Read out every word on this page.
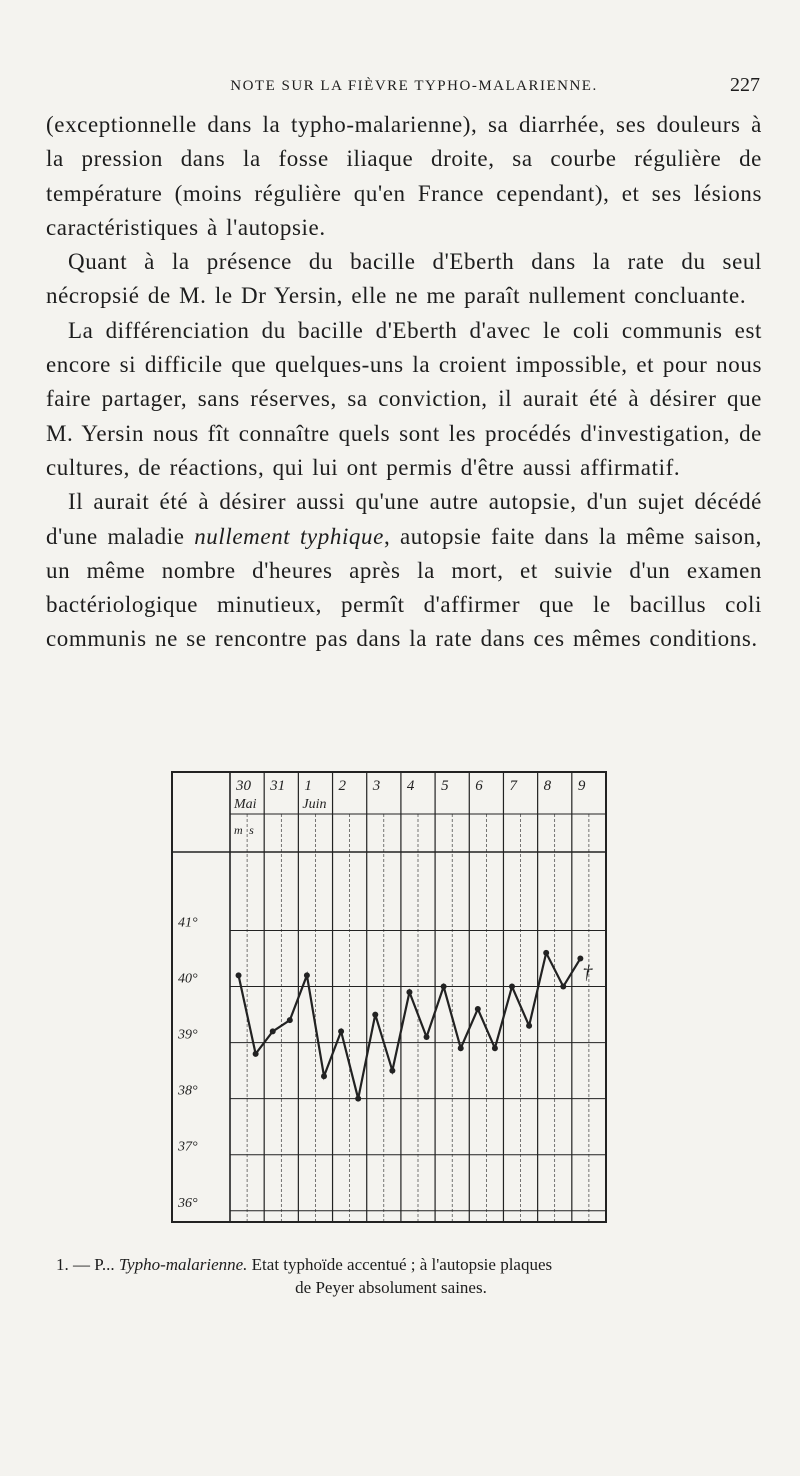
NOTE SUR LA FIÈVRE TYPHO-MALARIENNE.	227

(exceptionnelle dans la typho-malarienne), sa diarrhée, ses douleurs à la pression dans la fosse iliaque droite, sa courbe régulière de température (moins régulière qu'en France cependant), et ses lésions caractéristiques à l'autopsie.

Quant à la présence du bacille d'Eberth dans la rate du seul nécropsié de M. le Dr Yersin, elle ne me paraît nullement concluante.

La différenciation du bacille d'Eberth d'avec le coli communis est encore si difficile que quelques-uns la croient impossible, et pour nous faire partager, sans réserves, sa conviction, il aurait été à désirer que M. Yersin nous fît connaître quels sont les procédés d'investigation, de cultures, de réactions, qui lui ont permis d'être aussi affirmatif.

Il aurait été à désirer aussi qu'une autre autopsie, d'un sujet décédé d'une maladie nullement typhique, autopsie faite dans la même saison, un même nombre d'heures après la mort, et suivie d'un examen bactériologique minutieux, permît d'affirmer que le bacillus coli communis ne se rencontre pas dans la rate dans ces mêmes conditions.

41°
40°
39°
38°
37°
36°
30 31 1 2 3 4 5 6 7 8 9
Mai	Juin
m s
†
1. — P... Typho-malarienne. Etat typhoïde accentué ; à l'autopsie plaques
de Peyer absolument saines.
